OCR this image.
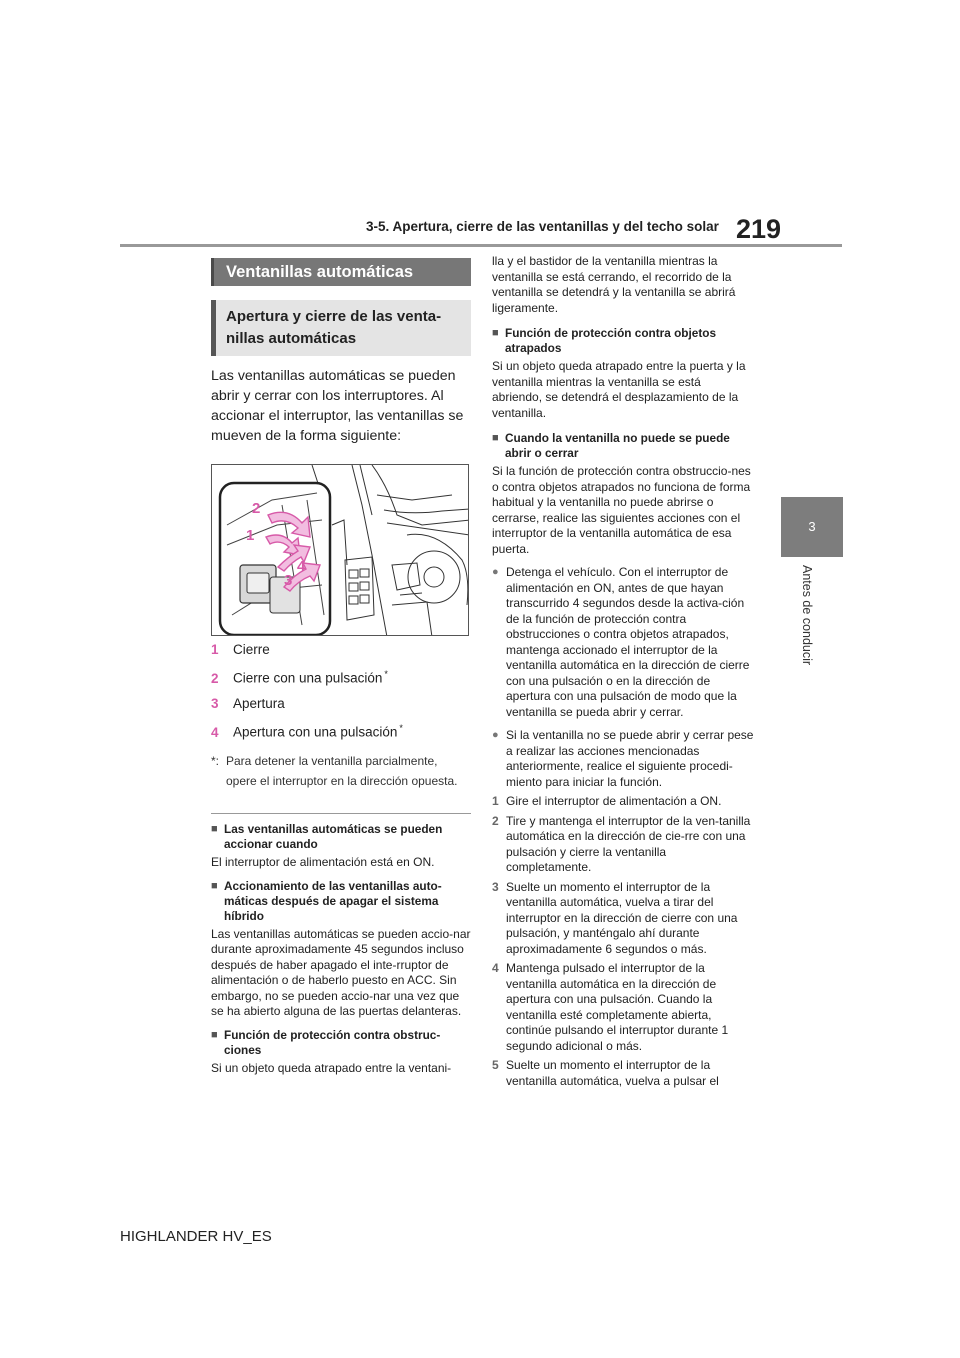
3-5. Apertura, cierre de las ventanillas y del techo solar 219
3
Antes de conducir
Ventanillas automáticas
Apertura y cierre de las venta-nillas automáticas

Las ventanillas automáticas se pueden abrir y cerrar con los interruptores. Al accionar el interruptor, las ventanillas se mueven de la forma siguiente:

2
1
4
3
1	Cierre
2	Cierre con una pulsación *
3	Apertura
4	Apertura con una pulsación *
*: Para detener la ventanilla parcialmente, opere el interruptor en la dirección opuesta.
■ Las ventanillas automáticas se pueden accionar cuando
El interruptor de alimentación está en ON.
■ Accionamiento de las ventanillas auto-máticas después de apagar el sistema híbrido
Las ventanillas automáticas se pueden accio-nar durante aproximadamente 45 segundos incluso después de haber apagado el inte-rruptor de alimentación o de haberlo puesto en ACC. Sin embargo, no se pueden accio-nar una vez que se ha abierto alguna de las puertas delanteras.
■ Función de protección contra obstruc-ciones
Si un objeto queda atrapado entre la ventani-
lla y el bastidor de la ventanilla mientras la ventanilla se está cerrando, el recorrido de la ventanilla se detendrá y la ventanilla se abrirá ligeramente.
■ Función de protección contra objetos atrapados
Si un objeto queda atrapado entre la puerta y la ventanilla mientras la ventanilla se está abriendo, se detendrá el desplazamiento de la ventanilla.
■ Cuando la ventanilla no puede se puede abrir o cerrar
Si la función de protección contra obstruccio-nes o contra objetos atrapados no funciona de forma habitual y la ventanilla no puede abrirse o cerrarse, realice las siguientes acciones con el interruptor de la ventanilla automática de esa puerta.
● Detenga el vehículo. Con el interruptor de alimentación en ON, antes de que hayan transcurrido 4 segundos desde la activa-ción de la función de protección contra obstrucciones o contra objetos atrapados, mantenga accionado el interruptor de la ventanilla automática en la dirección de cierre con una pulsación o en la dirección de apertura con una pulsación de modo que la ventanilla se pueda abrir y cerrar.
● Si la ventanilla no se puede abrir y cerrar pese a realizar las acciones mencionadas anteriormente, realice el siguiente procedi-miento para iniciar la función.
1 Gire el interruptor de alimentación a ON.
2 Tire y mantenga el interruptor de la ven-tanilla automática en la dirección de cie-rre con una pulsación y cierre la ventanilla completamente.
3 Suelte un momento el interruptor de la ventanilla automática, vuelva a tirar del interruptor en la dirección de cierre con una pulsación, y manténgalo ahí durante aproximadamente 6 segundos o más.
4 Mantenga pulsado el interruptor de la ventanilla automática en la dirección de apertura con una pulsación. Cuando la ventanilla esté completamente abierta, continúe pulsando el interruptor durante 1 segundo adicional o más.
5 Suelte un momento el interruptor de la ventanilla automática, vuelva a pulsar el
HIGHLANDER HV_ES
